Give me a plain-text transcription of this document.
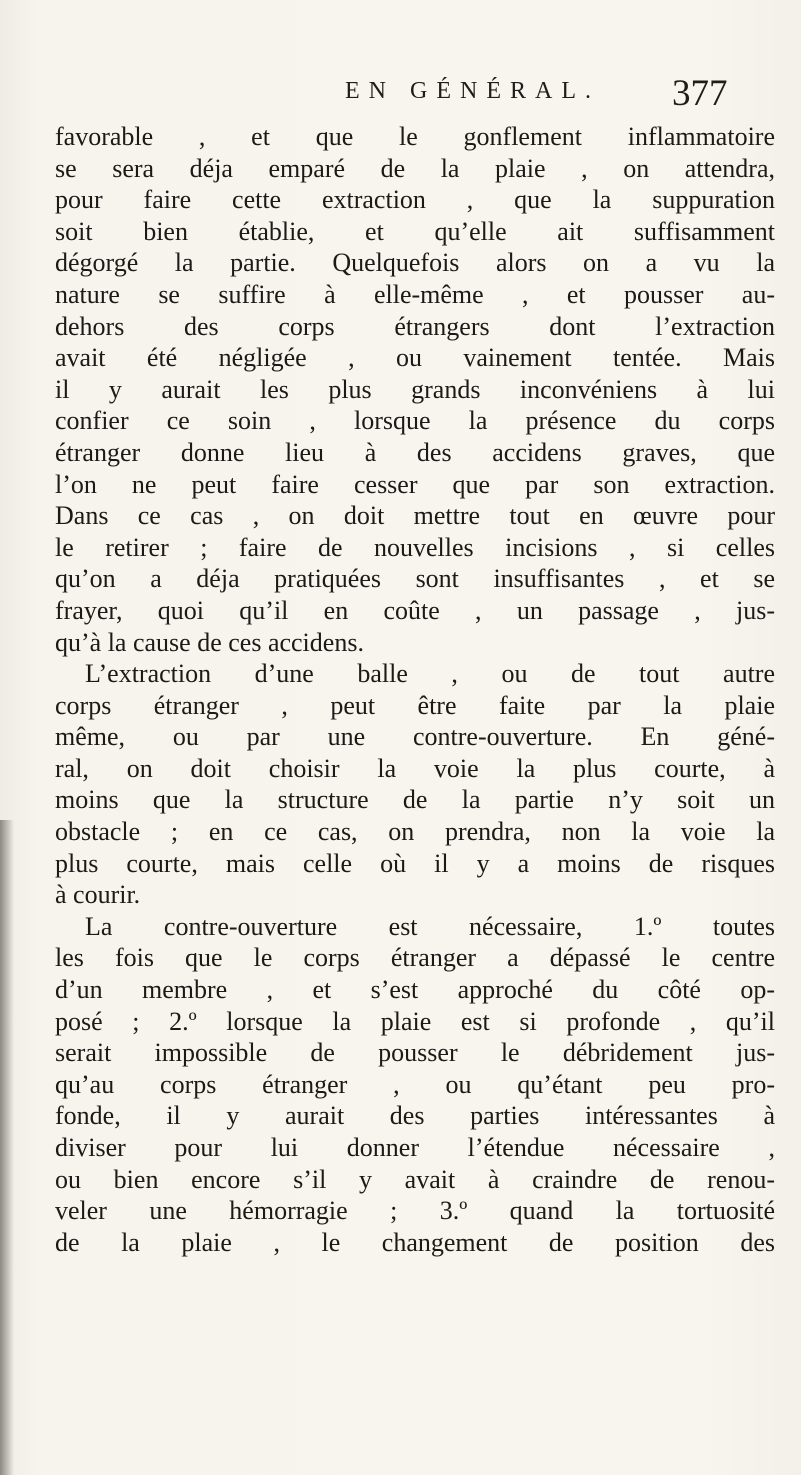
EN GÉNÉRAL. 377
favorable , et que le gonflement inflammatoire
se sera déja emparé de la plaie , on attendra,
pour faire cette extraction , que la suppuration
soit bien établie, et qu’elle ait suffisamment
dégorgé la partie. Quelquefois alors on a vu la
nature se suffire à elle-même , et pousser au-
dehors des corps étrangers dont l’extraction
avait été négligée , ou vainement tentée. Mais
il y aurait les plus grands inconvéniens à lui
confier ce soin , lorsque la présence du corps
étranger donne lieu à des accidens graves, que
l’on ne peut faire cesser que par son extraction.
Dans ce cas , on doit mettre tout en œuvre pour
le retirer ; faire de nouvelles incisions , si celles
qu’on a déja pratiquées sont insuffisantes , et se
frayer, quoi qu’il en coûte , un passage , jus-
qu’à la cause de ces accidens.
L’extraction d’une balle , ou de tout autre
corps étranger , peut être faite par la plaie
même, ou par une contre-ouverture. En géné-
ral, on doit choisir la voie la plus courte, à
moins que la structure de la partie n’y soit un
obstacle ; en ce cas, on prendra, non la voie la
plus courte, mais celle où il y a moins de risques
à courir.
La contre-ouverture est nécessaire, 1.º toutes
les fois que le corps étranger a dépassé le centre
d’un membre , et s’est approché du côté op-
posé ; 2.º lorsque la plaie est si profonde , qu’il
serait impossible de pousser le débridement jus-
qu’au corps étranger , ou qu’étant peu pro-
fonde, il y aurait des parties intéressantes à
diviser pour lui donner l’étendue nécessaire ,
ou bien encore s’il y avait à craindre de renou-
veler une hémorragie ; 3.º quand la tortuosité
de la plaie , le changement de position des
